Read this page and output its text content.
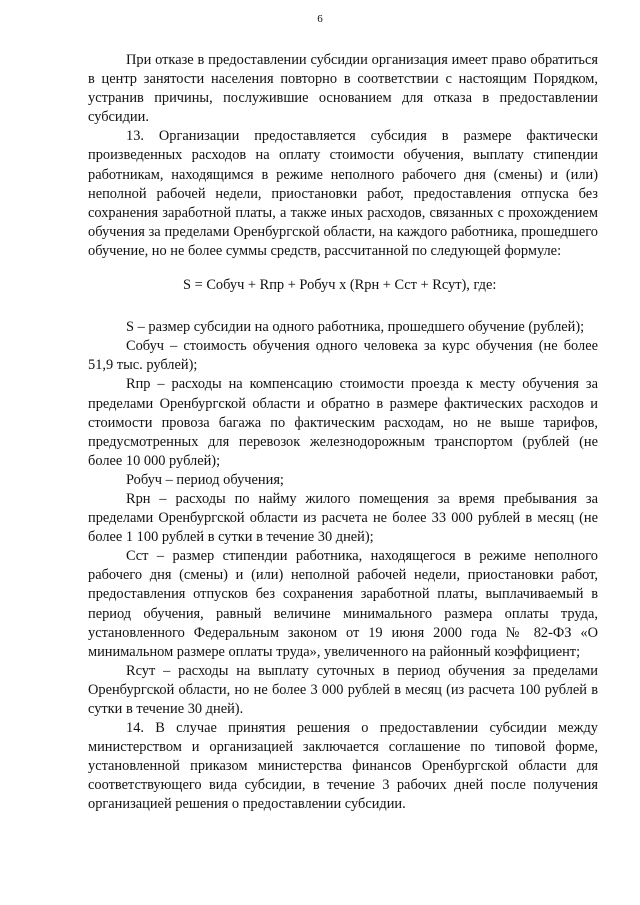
6

При отказе в предоставлении субсидии организация имеет право обратиться в центр занятости населения повторно в соответствии с настоящим Порядком, устранив причины, послужившие основанием для отказа в предоставлении субсидии.

13. Организации предоставляется субсидия в размере фактически произведенных расходов на оплату стоимости обучения, выплату стипендии работникам, находящимся в режиме неполного рабочего дня (смены) и (или) неполной рабочей недели, приостановки работ, предоставления отпуска без сохранения заработной платы, а также иных расходов, связанных с прохождением обучения за пределами Оренбургской области, на каждого работника, прошедшего обучение, но не более суммы средств, рассчитанной по следующей формуле:

S = Собуч + Rпр + Робуч х (Rрн + Сст + Rсут), где:

S – размер субсидии на одного работника, прошедшего обучение (рублей);

Собуч – стоимость обучения одного человека за курс обучения (не более 51,9 тыс. рублей);

Rпр – расходы на компенсацию стоимости проезда к месту обучения за пределами Оренбургской области и обратно в размере фактических расходов и стоимости провоза багажа по фактическим расходам, но не выше тарифов, предусмотренных для перевозок железнодорожным транспортом (рублей (не более 10 000 рублей);

Робуч – период обучения;

Rрн – расходы по найму жилого помещения за время пребывания за пределами Оренбургской области из расчета не более 33 000 рублей в месяц (не более 1 100 рублей в сутки в течение 30 дней);

Сст – размер стипендии работника, находящегося в режиме неполного рабочего дня (смены) и (или) неполной рабочей недели, приостановки работ, предоставления отпусков без сохранения заработной платы, выплачиваемый в период обучения, равный величине минимального размера оплаты труда, установленного Федеральным законом от 19 июня 2000 года № 82-ФЗ «О минимальном размере оплаты труда», увеличенного на районный коэффициент;

Rсут – расходы на выплату суточных в период обучения за пределами Оренбургской области, но не более 3 000 рублей в месяц (из расчета 100 рублей в сутки в течение 30 дней).

14. В случае принятия решения о предоставлении субсидии между министерством и организацией заключается соглашение по типовой форме, установленной приказом министерства финансов Оренбургской области для соответствующего вида субсидии, в течение 3 рабочих дней после получения организацией решения о предоставлении субсидии.
